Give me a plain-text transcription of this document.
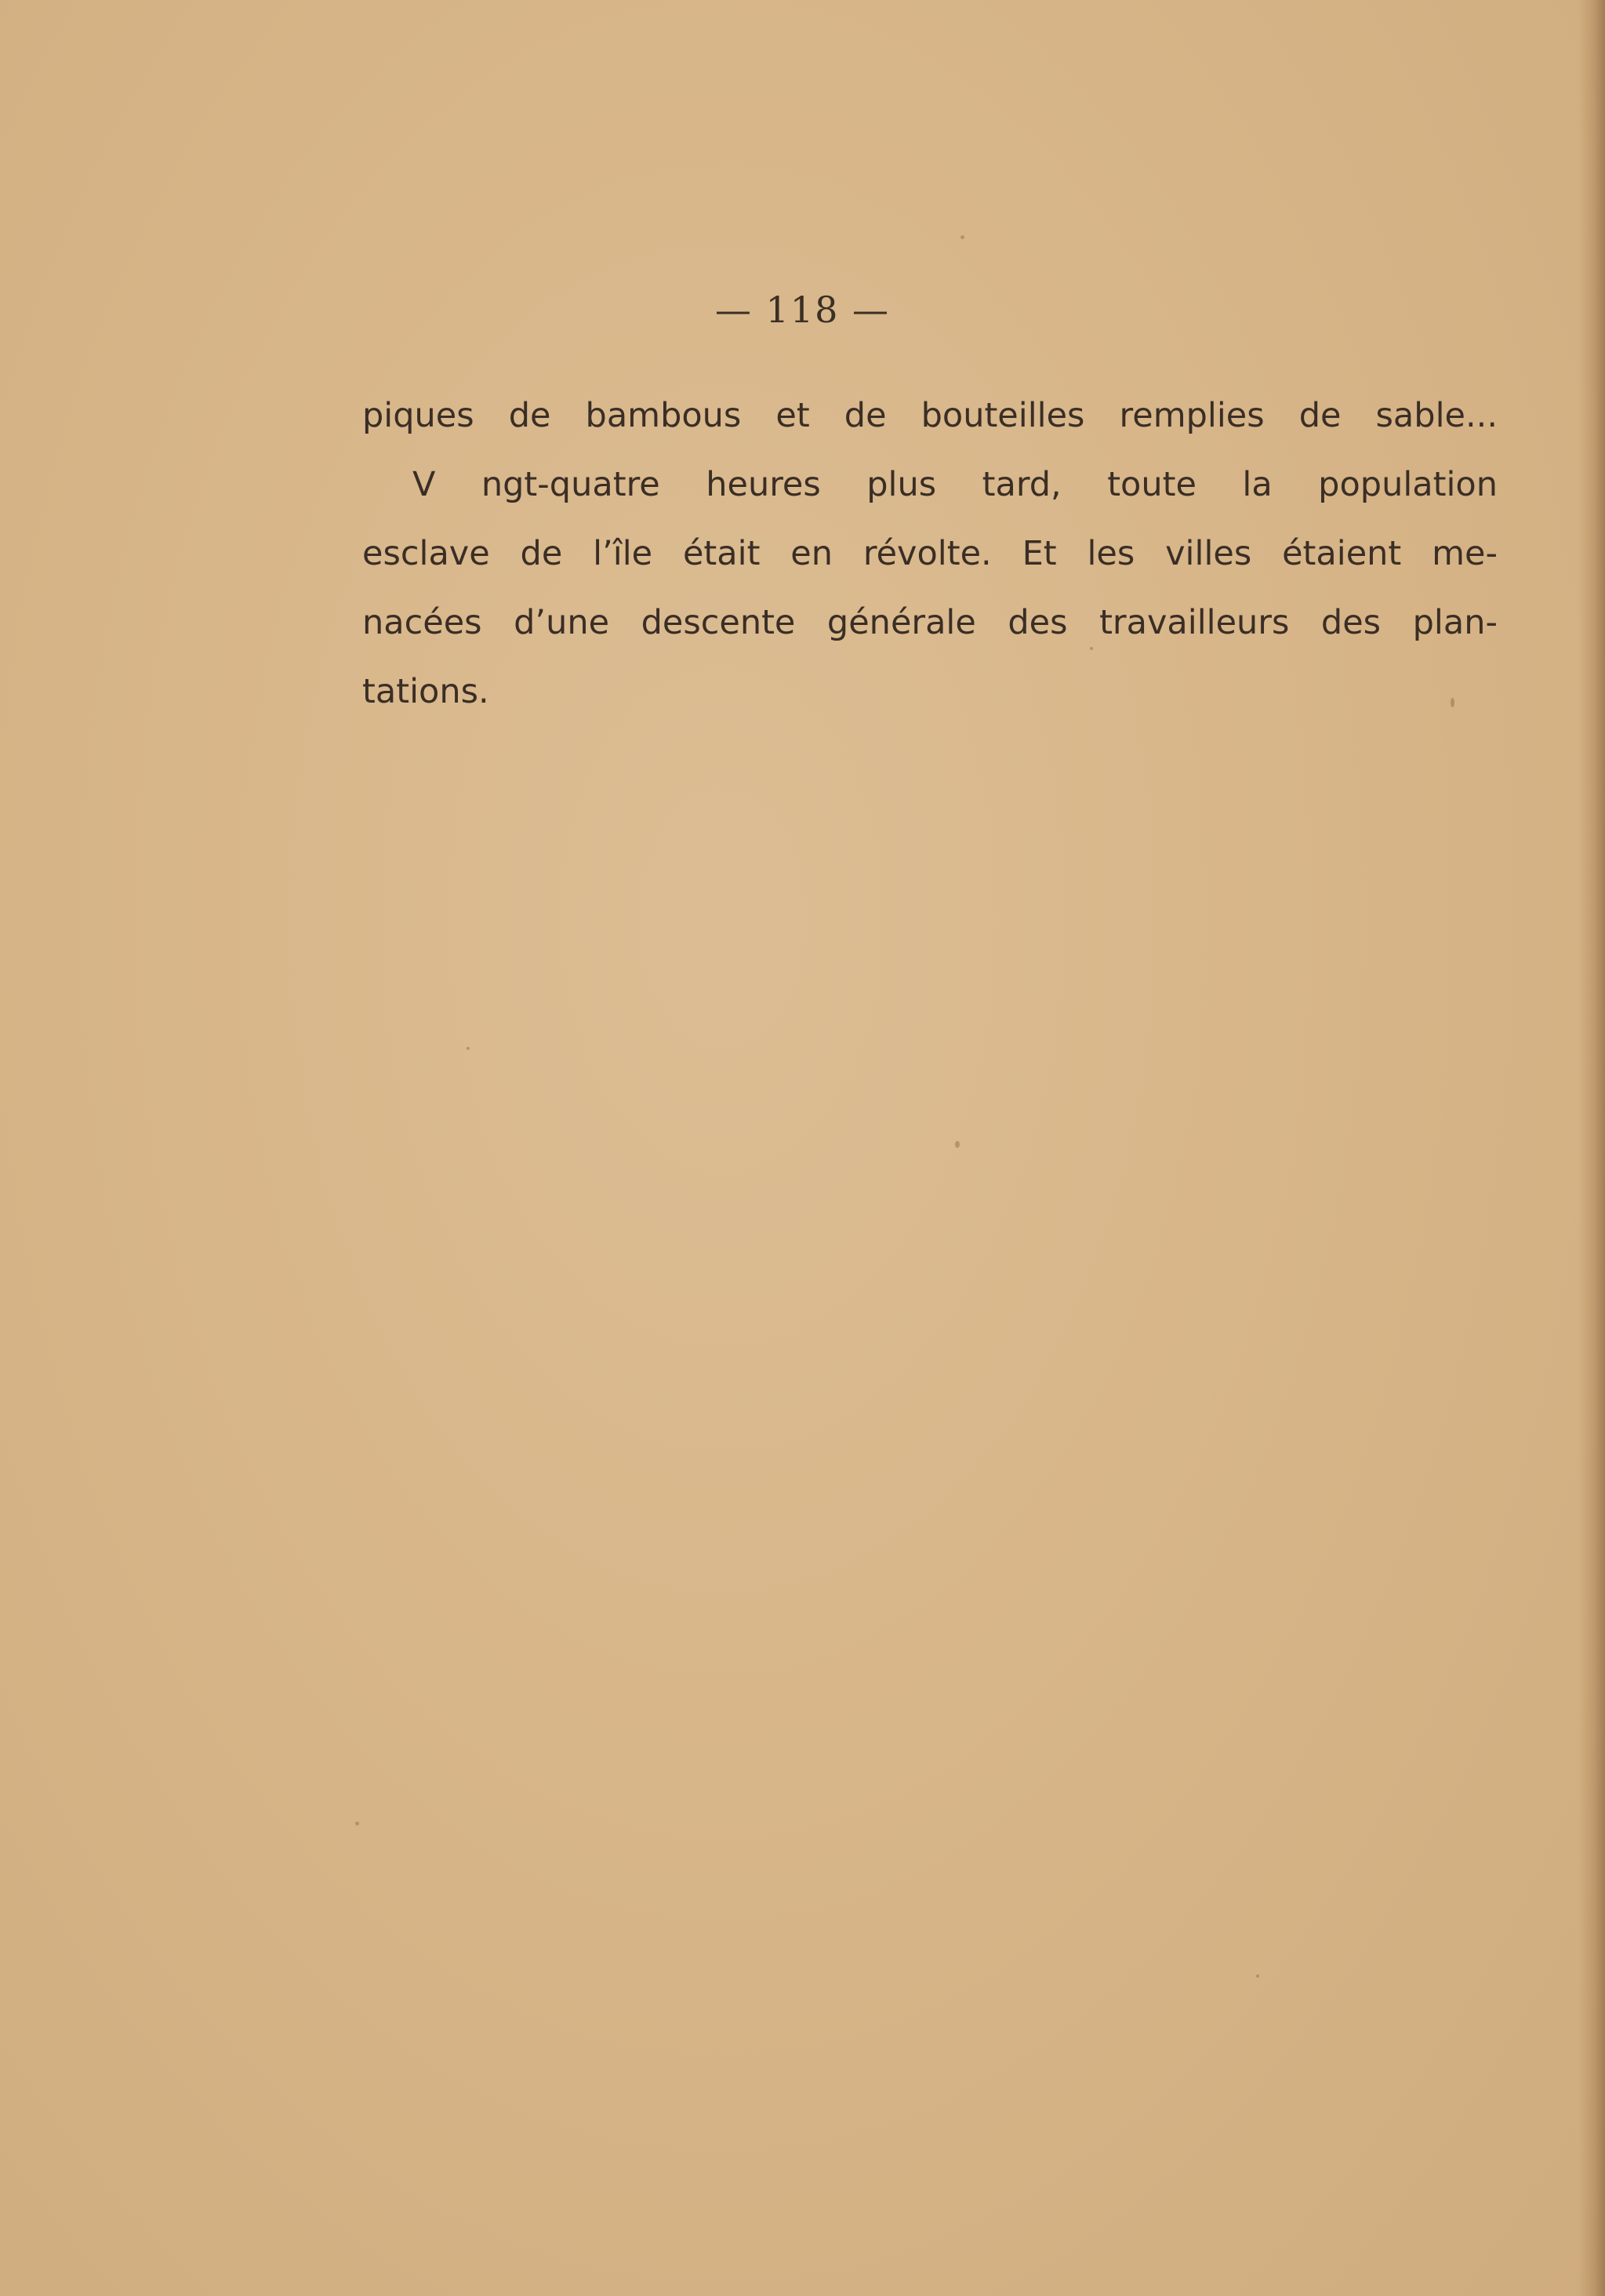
— 118 —
piques de bambous et de bouteilles remplies de sable...
V ngt-quatre heures plus tard, toute la population
esclave de l’île était en révolte. Et les villes étaient me-
nacées d’une descente générale des travailleurs des plan-
tations.
